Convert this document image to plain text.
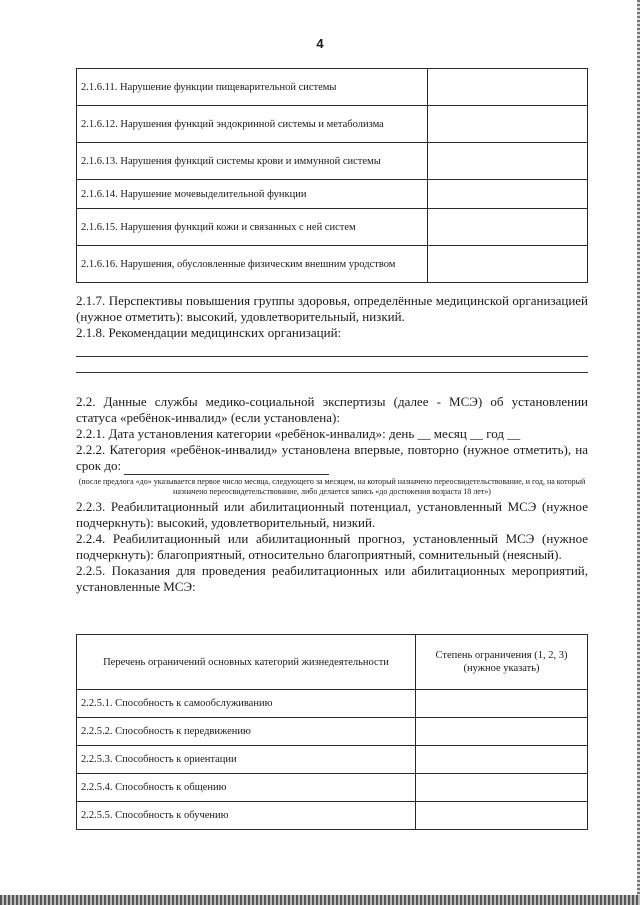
4
2.1.6.11. Нарушение функции пищеварительной системы	
2.1.6.12. Нарушения функций эндокринной системы и метаболизма	
2.1.6.13. Нарушения функций системы крови и иммунной системы	
2.1.6.14. Нарушение мочевыделительной функции	
2.1.6.15. Нарушения функций кожи и связанных с ней систем	
2.1.6.16. Нарушения, обусловленные физическим внешним уродством	

2.1.7. Перспективы повышения группы здоровья, определённые медицинской организацией (нужное отметить): высокий, удовлетворительный, низкий.

2.1.8. Рекомендации медицинских организаций:

2.2. Данные службы медико-социальной экспертизы (далее - МСЭ) об установлении статуса «ребёнок-инвалид» (если установлена):

2.2.1. Дата установления категории «ребёнок-инвалид»: день __ месяц __ год __

2.2.2. Категория «ребёнок-инвалид» установлена впервые, повторно (нужное отметить), на срок до:

(после предлога «до» указывается первое число месяца, следующего за месяцем, на который назначено переосвидетельствование, и год, на который назначено переосвидетельствование, либо делается запись «до достижения возраста 18 лет»)

2.2.3. Реабилитационный или абилитационный потенциал, установленный МСЭ (нужное подчеркнуть): высокий, удовлетворительный, низкий.

2.2.4. Реабилитационный или абилитационный прогноз, установленный МСЭ (нужное подчеркнуть): благоприятный, относительно благоприятный, сомнительный (неясный).

2.2.5. Показания для проведения реабилитационных или абилитационных мероприятий, установленные МСЭ:

Перечень ограничений основных категорий жизнедеятельности	Степень ограничения (1, 2, 3) (нужное указать)
2.2.5.1. Способность к самообслуживанию	
2.2.5.2. Способность к передвижению	
2.2.5.3. Способность к ориентации	
2.2.5.4. Способность к общению	
2.2.5.5. Способность к обучению	
